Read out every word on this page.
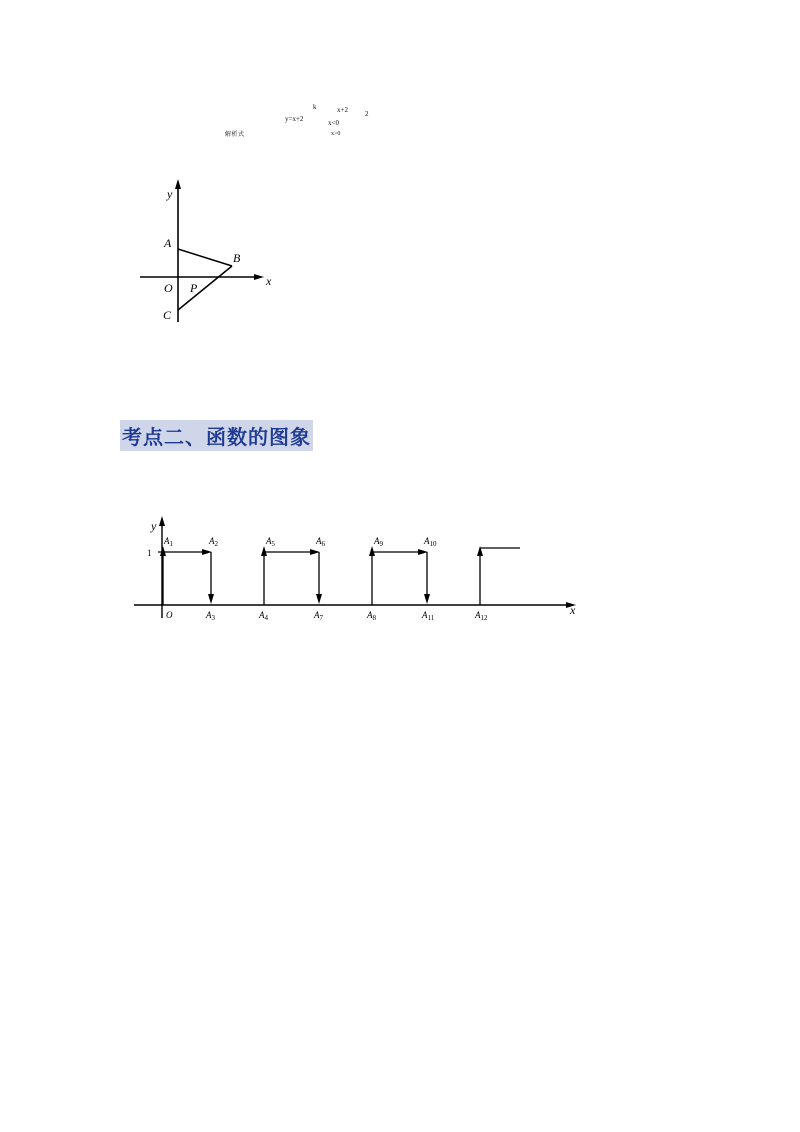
解析式
y=x+2
k
x<0
x+2 2
x>0
A
B
O P
C
x
y
考点二、函数的图象
y
x
1
O
$A_1$	$A_2$	$A_5$	$A_6$	$A_9$	$A_{10}$
$A_3$	$A_4$	$A_7$	$A_8$	$A_{11}$	$A_{12}$
